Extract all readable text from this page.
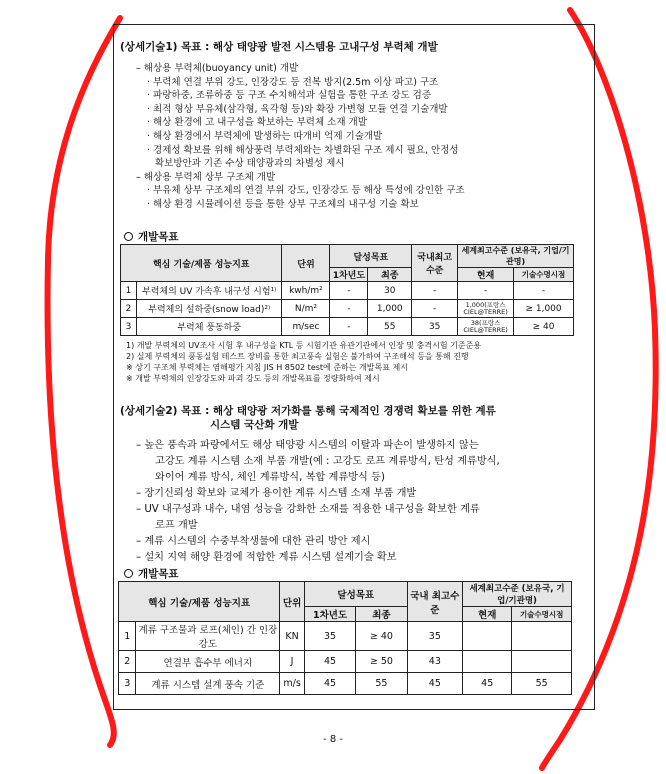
(상세기술1) 목표 : 해상 태양광 발전 시스템용 고내구성 부력체 개발
– 해상용 부력체(buoyancy unit) 개발
· 부력체 연결 부위 강도, 인장강도 등 전복 방지(2.5m 이상 파고) 구조
· 파랑하중, 조류하중 등 구조 수치해석과 실험을 통한 구조 강도 검증
· 최적 형상 부유체(삼각형, 육각형 등)와 확장 가변형 모듈 연결 기술개발
· 해상 환경에 고 내구성을 확보하는 부력체 소재 개발
· 해상 환경에서 부력체에 발생하는 따개비 억제 기술개발
· 경제성 확보를 위해 해상풍력 부력체와는 차별화된 구조 제시 필요, 안정성
확보방안과 기존 수상 태양광과의 차별성 제시
– 해상용 부력체 상부 구조체 개발
· 부유체 상부 구조체의 연결 부위 강도, 인장강도 등 해상 특성에 강인한 구조
· 해상 환경 시뮬레이션 등을 통한 상부 구조체의 내구성 기술 확보
개발목표
핵심 기술/제품 성능지표		단위	달성목표		국내최고 수준	세계최고수준 (보유국, 기업/기관명)	
			1차년도	최종		현재	기술수명시점
1	부력체의 UV 가속후 내구성 시험¹⁾	kwh/m²	-	30	-	-	-
2	부력체의 설하중(snow load)²⁾	N/m²	-	1,000	-	1,000(프랑스 CIEL@TERRE)	≥ 1,000
3	부력체 풍동하중	m/sec	-	55	35	38(프랑스 CIEL@TERRE)	≥ 40
1) 개발 부력체의 UV조사 시험 후 내구성을 KTL 등 시험기관 유관기관에서 인장 및 충격시험 기준준용
2) 실제 부력체의 풍동실험 테스트 장비를 통한 최고풍속 실험은 불가하여 구조해석 등을 통해 진행
※ 상기 구조체 부력체는 염해평가 지침 JIS H 8502 test에 준하는 개발목표 제시
※ 개발 부력체의 인장강도와 파괴 강도 등의 개발목표를 정량화하여 제시
(상세기술2) 목표 : 해상 태양광 저가화를 통해 국제적인 경쟁력 확보를 위한 계류
시스템 국산화 개발
– 높은 풍속과 파랑에서도 해상 태양광 시스템의 이탈과 파손이 발생하지 않는
고강도 계류 시스템 소재 부품 개발(예 : 고강도 로프 계류방식, 탄성 계류방식,
와이어 계류 방식, 체인 계류방식, 복합 계류방식 등)
– 장기신뢰성 확보와 교체가 용이한 계류 시스템 소재 부품 개발
– UV 내구성과 내수, 내염 성능을 강화한 소재를 적용한 내구성을 확보한 계류
로프 개발
– 계류 시스템의 수중부착생물에 대한 관리 방안 제시
– 설치 지역 해양 환경에 적합한 계류 시스템 설계기술 확보
개발목표
핵심 기술/제품 성능지표		단위	달성목표		국내 최고수준	세계최고수준 (보유국, 기업/기관명)	
			1차년도	최종		현재	기술수명시점
1	계류 구조물과 로프(체인) 간 인장 강도	KN	35	≥ 40	35		
2	연결부 흡수부 에너지	J	45	≥ 50	43		
3	계류 시스템 설계 풍속 기준	m/s	45	55	45	45	55
- 8 -
